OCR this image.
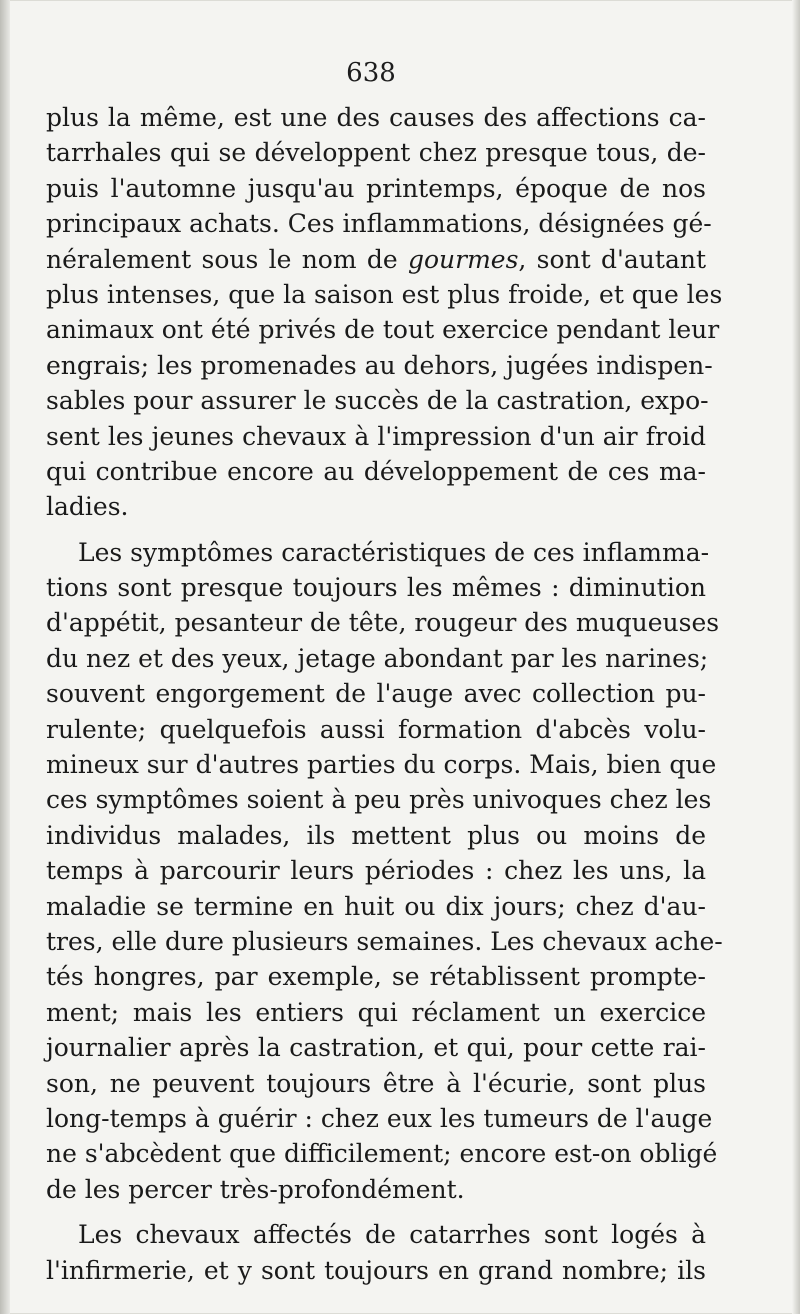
638
plus la même, est une des causes des affections ca-
tarrhales qui se développent chez presque tous, de-
puis l'automne jusqu'au printemps, époque de nos
principaux achats. Ces inflammations, désignées gé-
néralement sous le nom de gourmes, sont d'autant
plus intenses, que la saison est plus froide, et que les
animaux ont été privés de tout exercice pendant leur
engrais; les promenades au dehors, jugées indispen-
sables pour assurer le succès de la castration, expo-
sent les jeunes chevaux à l'impression d'un air froid
qui contribue encore au développement de ces ma-
ladies.
Les symptômes caractéristiques de ces inflamma-
tions sont presque toujours les mêmes : diminution
d'appétit, pesanteur de tête, rougeur des muqueuses
du nez et des yeux, jetage abondant par les narines;
souvent engorgement de l'auge avec collection pu-
rulente; quelquefois aussi formation d'abcès volu-
mineux sur d'autres parties du corps. Mais, bien que
ces symptômes soient à peu près univoques chez les
individus malades, ils mettent plus ou moins de
temps à parcourir leurs périodes : chez les uns, la
maladie se termine en huit ou dix jours; chez d'au-
tres, elle dure plusieurs semaines. Les chevaux ache-
tés hongres, par exemple, se rétablissent prompte-
ment; mais les entiers qui réclament un exercice
journalier après la castration, et qui, pour cette rai-
son, ne peuvent toujours être à l'écurie, sont plus
long-temps à guérir : chez eux les tumeurs de l'auge
ne s'abcèdent que difficilement; encore est-on obligé
de les percer très-profondément.
Les chevaux affectés de catarrhes sont logés à
l'infirmerie, et y sont toujours en grand nombre; ils
